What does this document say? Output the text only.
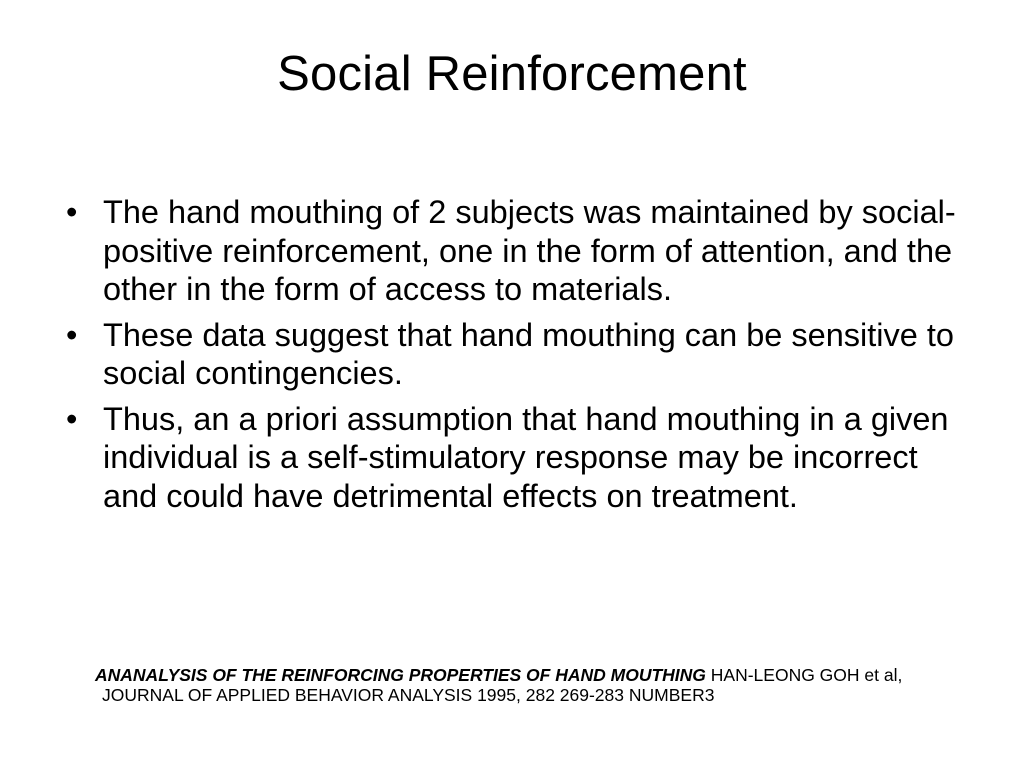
Social Reinforcement
• The hand mouthing of 2 subjects was maintained by social-positive reinforcement, one in the form of attention, and the other in the form of access to materials.
• These data suggest that hand mouthing can be sensitive to social contingencies.
• Thus, an a priori assumption that hand mouthing in a given individual is a self-stimulatory response may be incorrect and could have detrimental effects on treatment.

ANANALYSIS OF THE REINFORCING PROPERTIES OF HAND MOUTHING HAN-LEONG GOH et al, JOURNAL OF APPLIED BEHAVIOR ANALYSIS 1995, 282 269-283 NUMBER3
